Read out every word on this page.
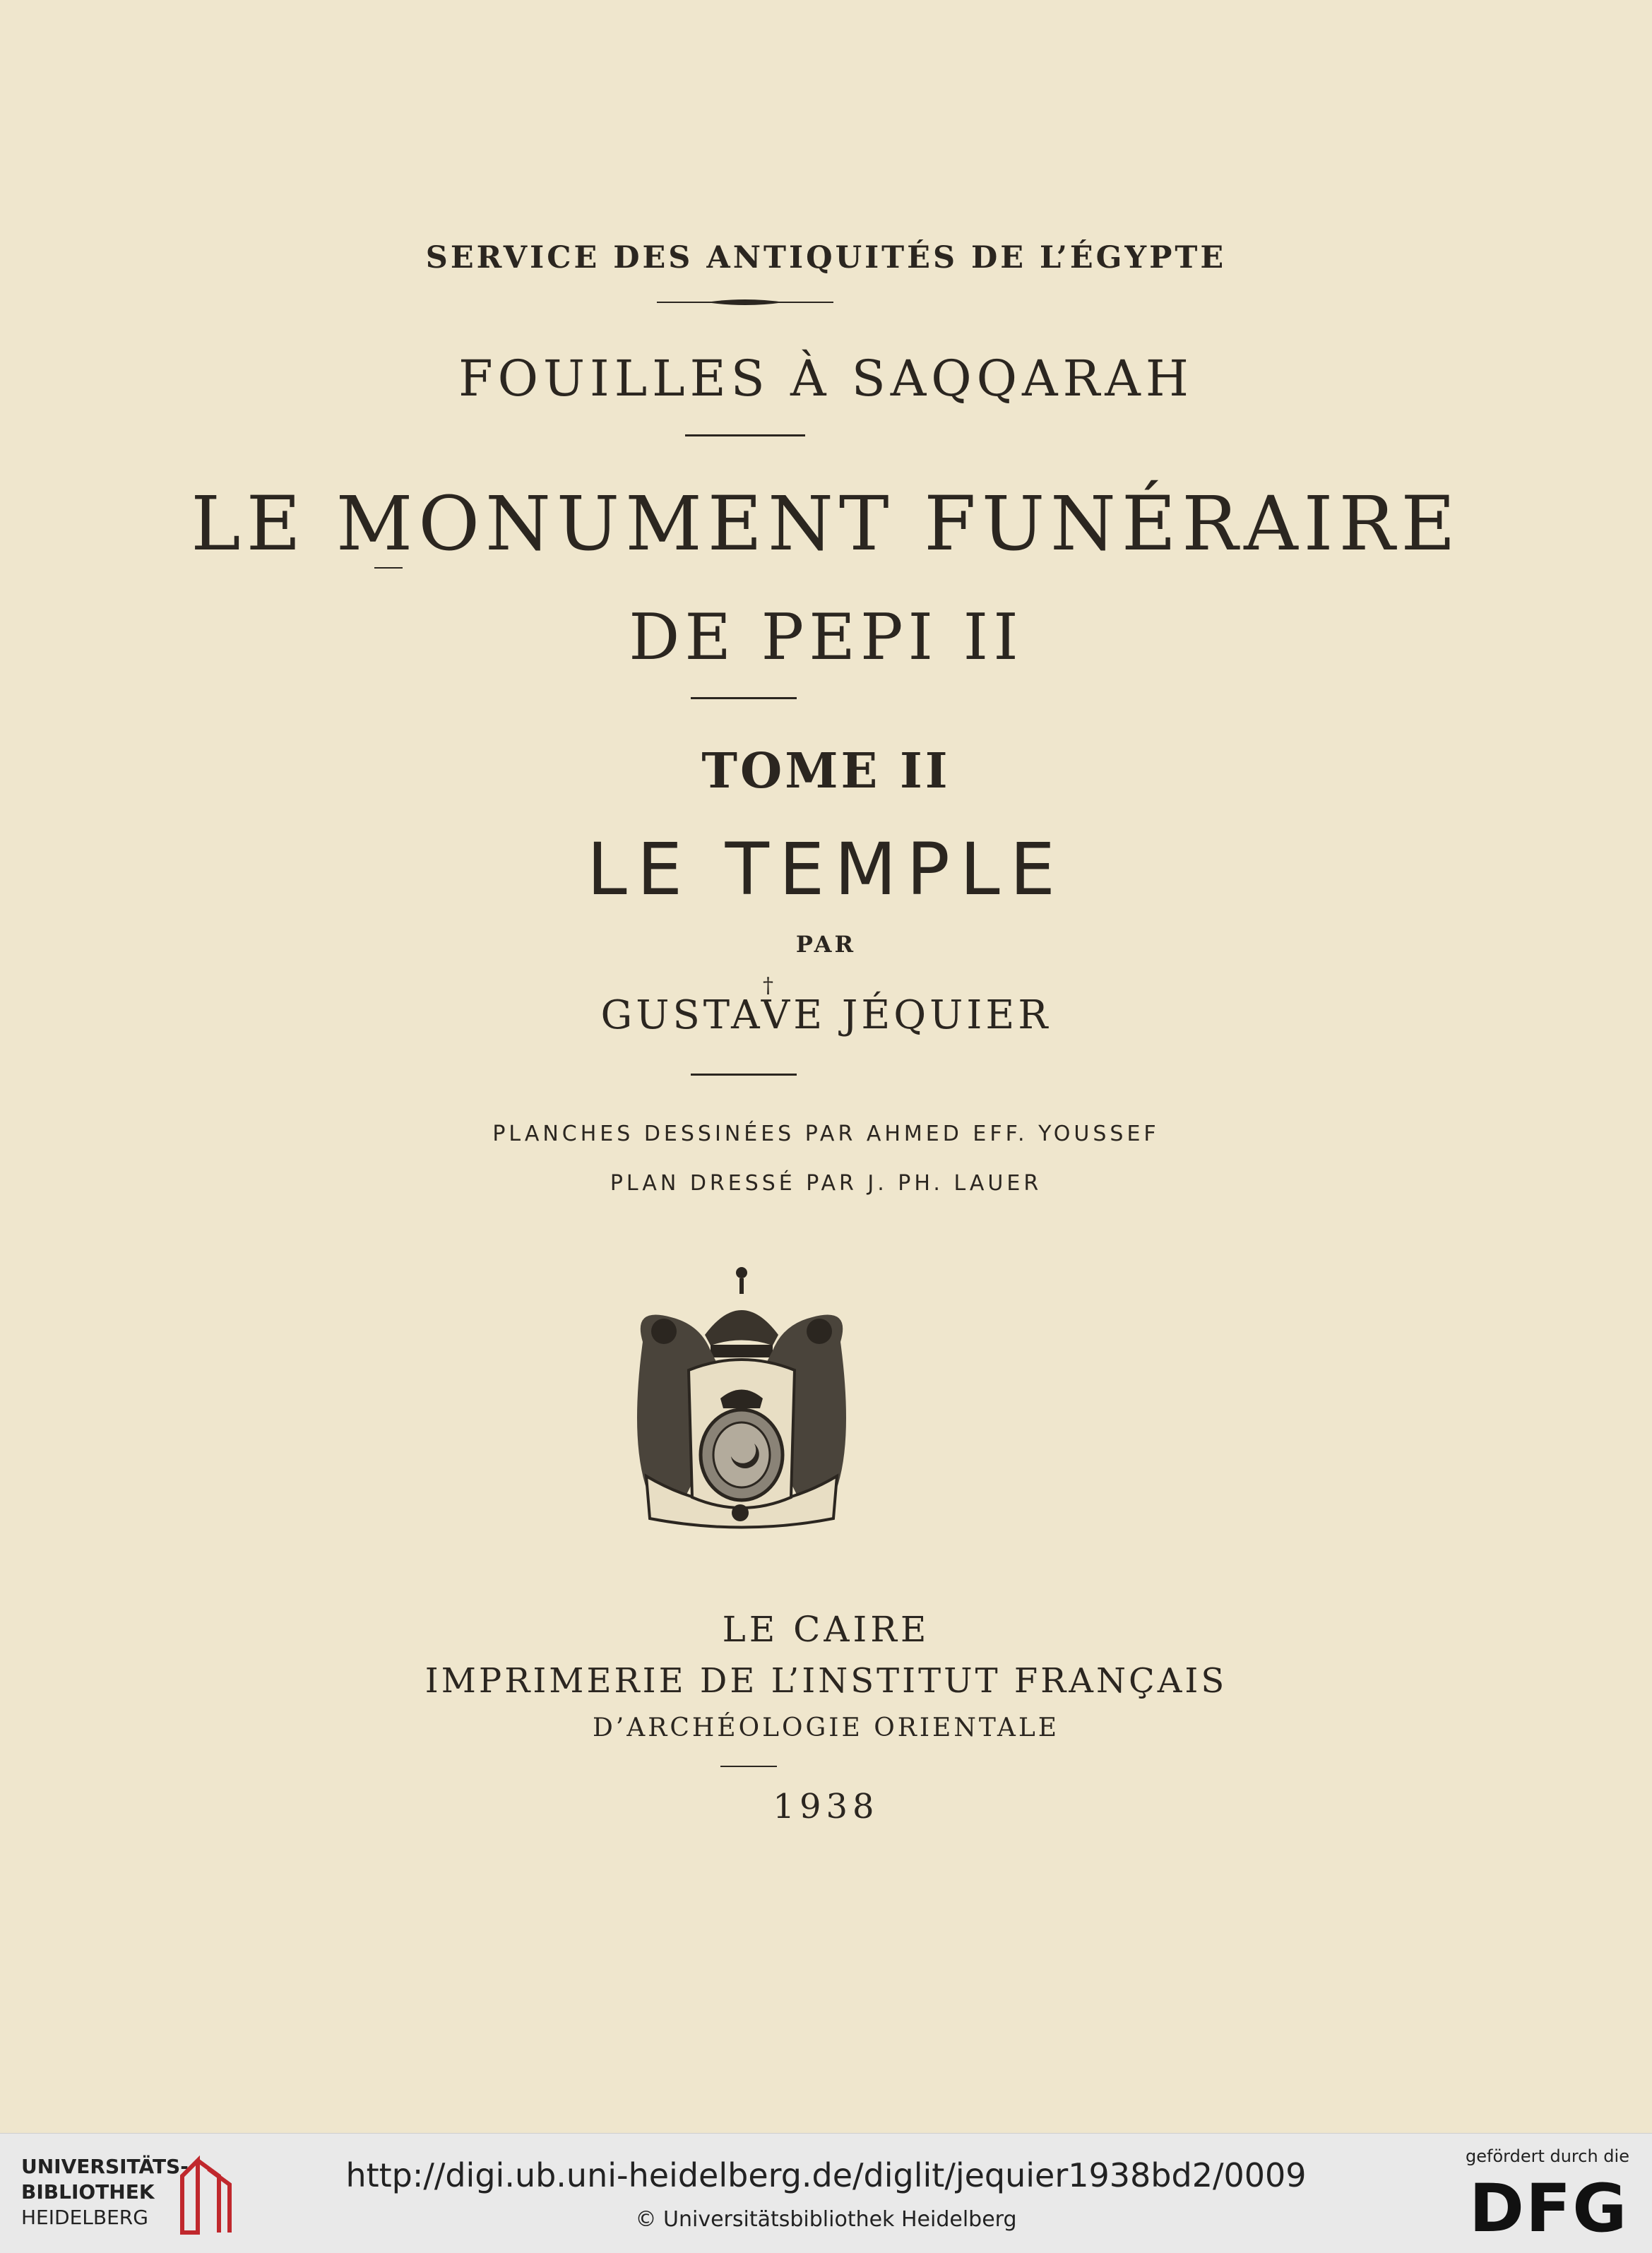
SERVICE DES ANTIQUITÉS DE L’ÉGYPTE
FOUILLES À SAQQARAH
LE MONUMENT FUNÉRAIRE
DE PEPI II
TOME II
LE TEMPLE
PAR
†
GUSTAVE JÉQUIER
PLANCHES DESSINÉES PAR AHMED EFF. YOUSSEF
PLAN DRESSÉ PAR J. PH. LAUER
LE CAIRE
IMPRIMERIE DE L’INSTITUT FRANÇAIS
D’ARCHÉOLOGIE ORIENTALE
1938
UNIVERSITÄTS-
BIBLIOTHEK
HEIDELBERG
http://digi.ub.uni-heidelberg.de/diglit/jequier1938bd2/0009
© Universitätsbibliothek Heidelberg
gefördert durch die
DFG
